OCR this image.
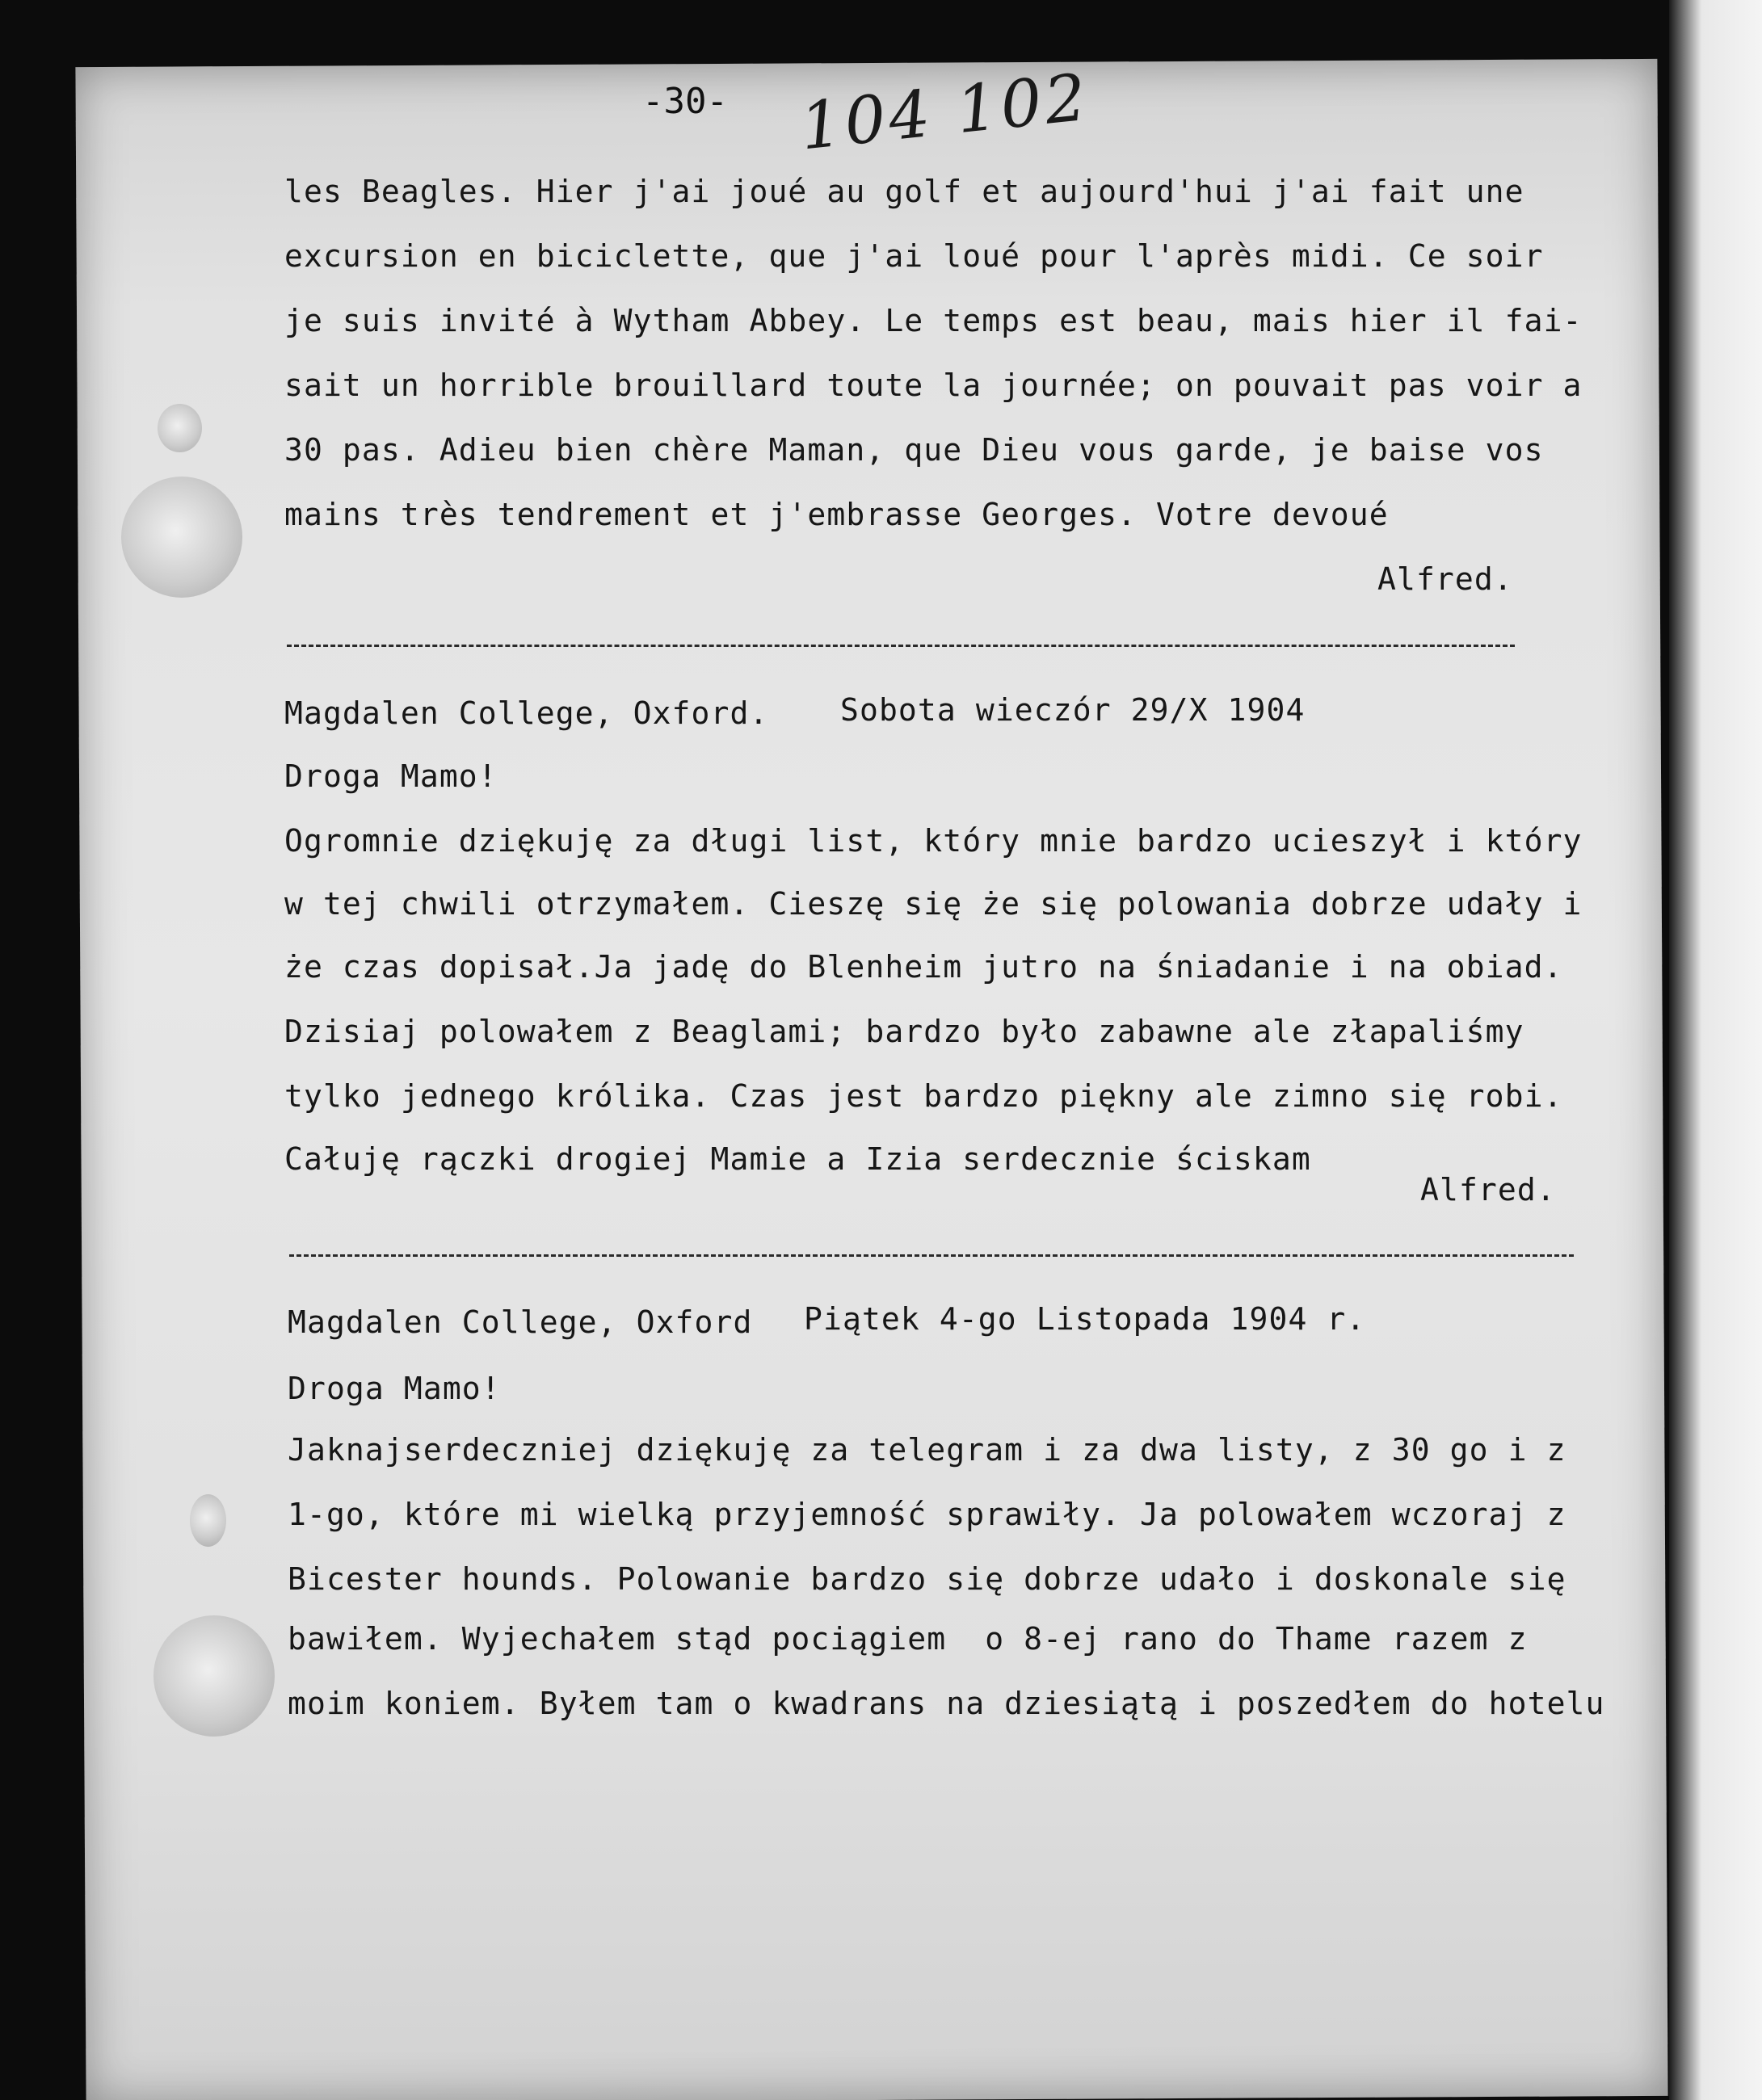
-30- 104 102

les Beagles. Hier j'ai joué au golf et aujourd'hui j'ai fait une

excursion en biciclette, que j'ai loué pour l'après midi. Ce soir

je suis invité à Wytham Abbey. Le temps est beau, mais hier il fai-

sait un horrible brouillard toute la journée; on pouvait pas voir a

30 pas. Adieu bien chère Maman, que Dieu vous garde, je baise vos

mains très tendrement et j'embrasse Georges. Votre devoué

Alfred.

Magdalen College, Oxford. Sobota wieczór 29/X 1904

Droga Mamo!

Ogromnie dziękuję za długi list, który mnie bardzo ucieszył i który

w tej chwili otrzymałem. Cieszę się że się polowania dobrze udały i

że czas dopisał.Ja jadę do Blenheim jutro na śniadanie i na obiad.

Dzisiaj polowałem z Beaglami; bardzo było zabawne ale złapaliśmy

tylko jednego królika. Czas jest bardzo piękny ale zimno się robi.

Całuję rączki drogiej Mamie a Izia serdecznie ściskam

Alfred.

Magdalen College, Oxford Piątek 4-go Listopada 1904 r.

Droga Mamo!

Jaknajserdeczniej dziękuję za telegram i za dwa listy, z 30 go i z

1-go, które mi wielką przyjemność sprawiły. Ja polowałem wczoraj z

Bicester hounds. Polowanie bardzo się dobrze udało i doskonale się

bawiłem. Wyjechałem stąd pociągiem  o 8-ej rano do Thame razem z

moim koniem. Byłem tam o kwadrans na dziesiątą i poszedłem do hotelu
